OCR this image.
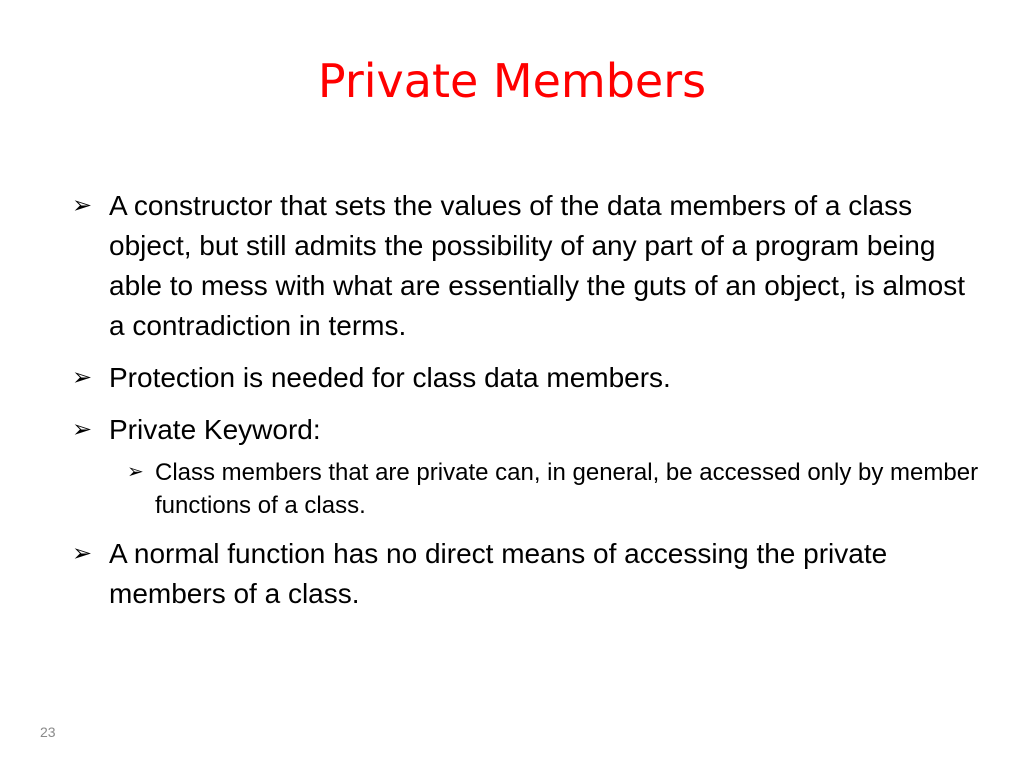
Private Members
➢ A constructor that sets the values of the data members of a class object, but still admits the possibility of any part of a program being able to mess with what are essentially the guts of an object, is almost a contradiction in terms.
➢ Protection is needed for class data members.
➢ Private Keyword:
➢ Class members that are private can, in general, be accessed only by member functions of a class.
➢ A normal function has no direct means of accessing the private members of a class.
23
